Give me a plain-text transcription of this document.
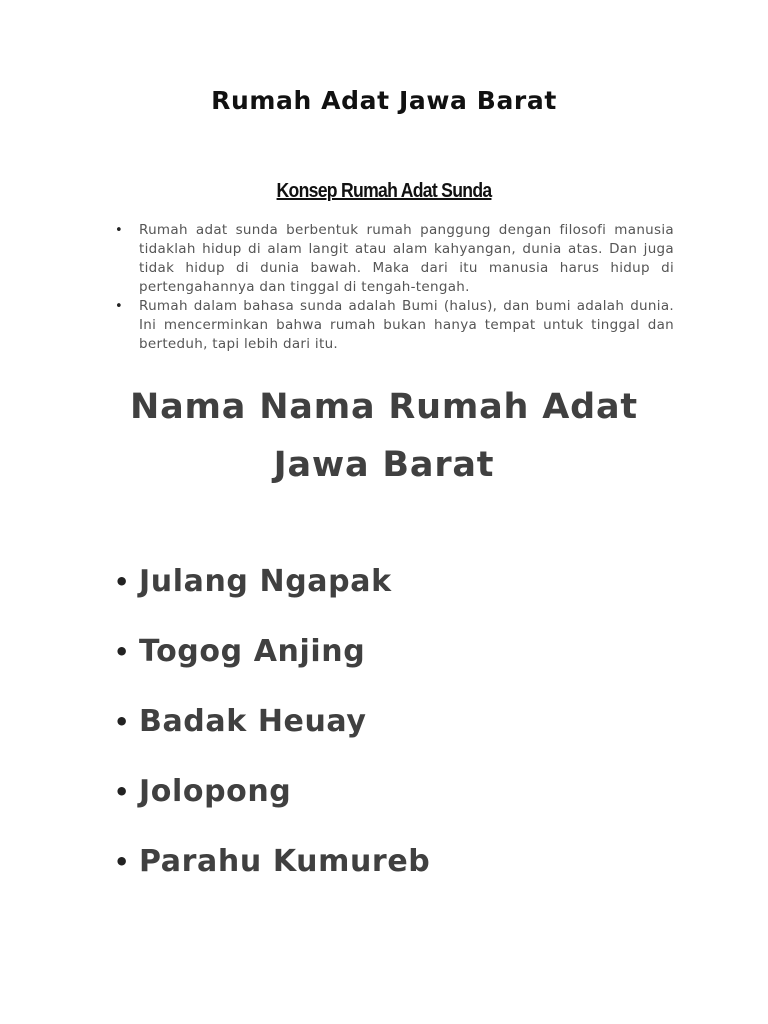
Rumah Adat Jawa Barat
Konsep Rumah Adat Sunda
• Rumah adat sunda berbentuk rumah panggung dengan filosofi manusia tidaklah hidup di alam langit atau alam kahyangan, dunia atas. Dan juga tidak hidup di dunia bawah. Maka dari itu manusia harus hidup di pertengahannya dan tinggal di tengah-tengah.
• Rumah dalam bahasa sunda adalah Bumi (halus), dan bumi adalah dunia. Ini mencerminkan bahwa rumah bukan hanya tempat untuk tinggal dan berteduh, tapi lebih dari itu.
Nama Nama Rumah Adat
Jawa Barat
• Julang Ngapak
• Togog Anjing
• Badak Heuay
• Jolopong
• Parahu Kumureb
